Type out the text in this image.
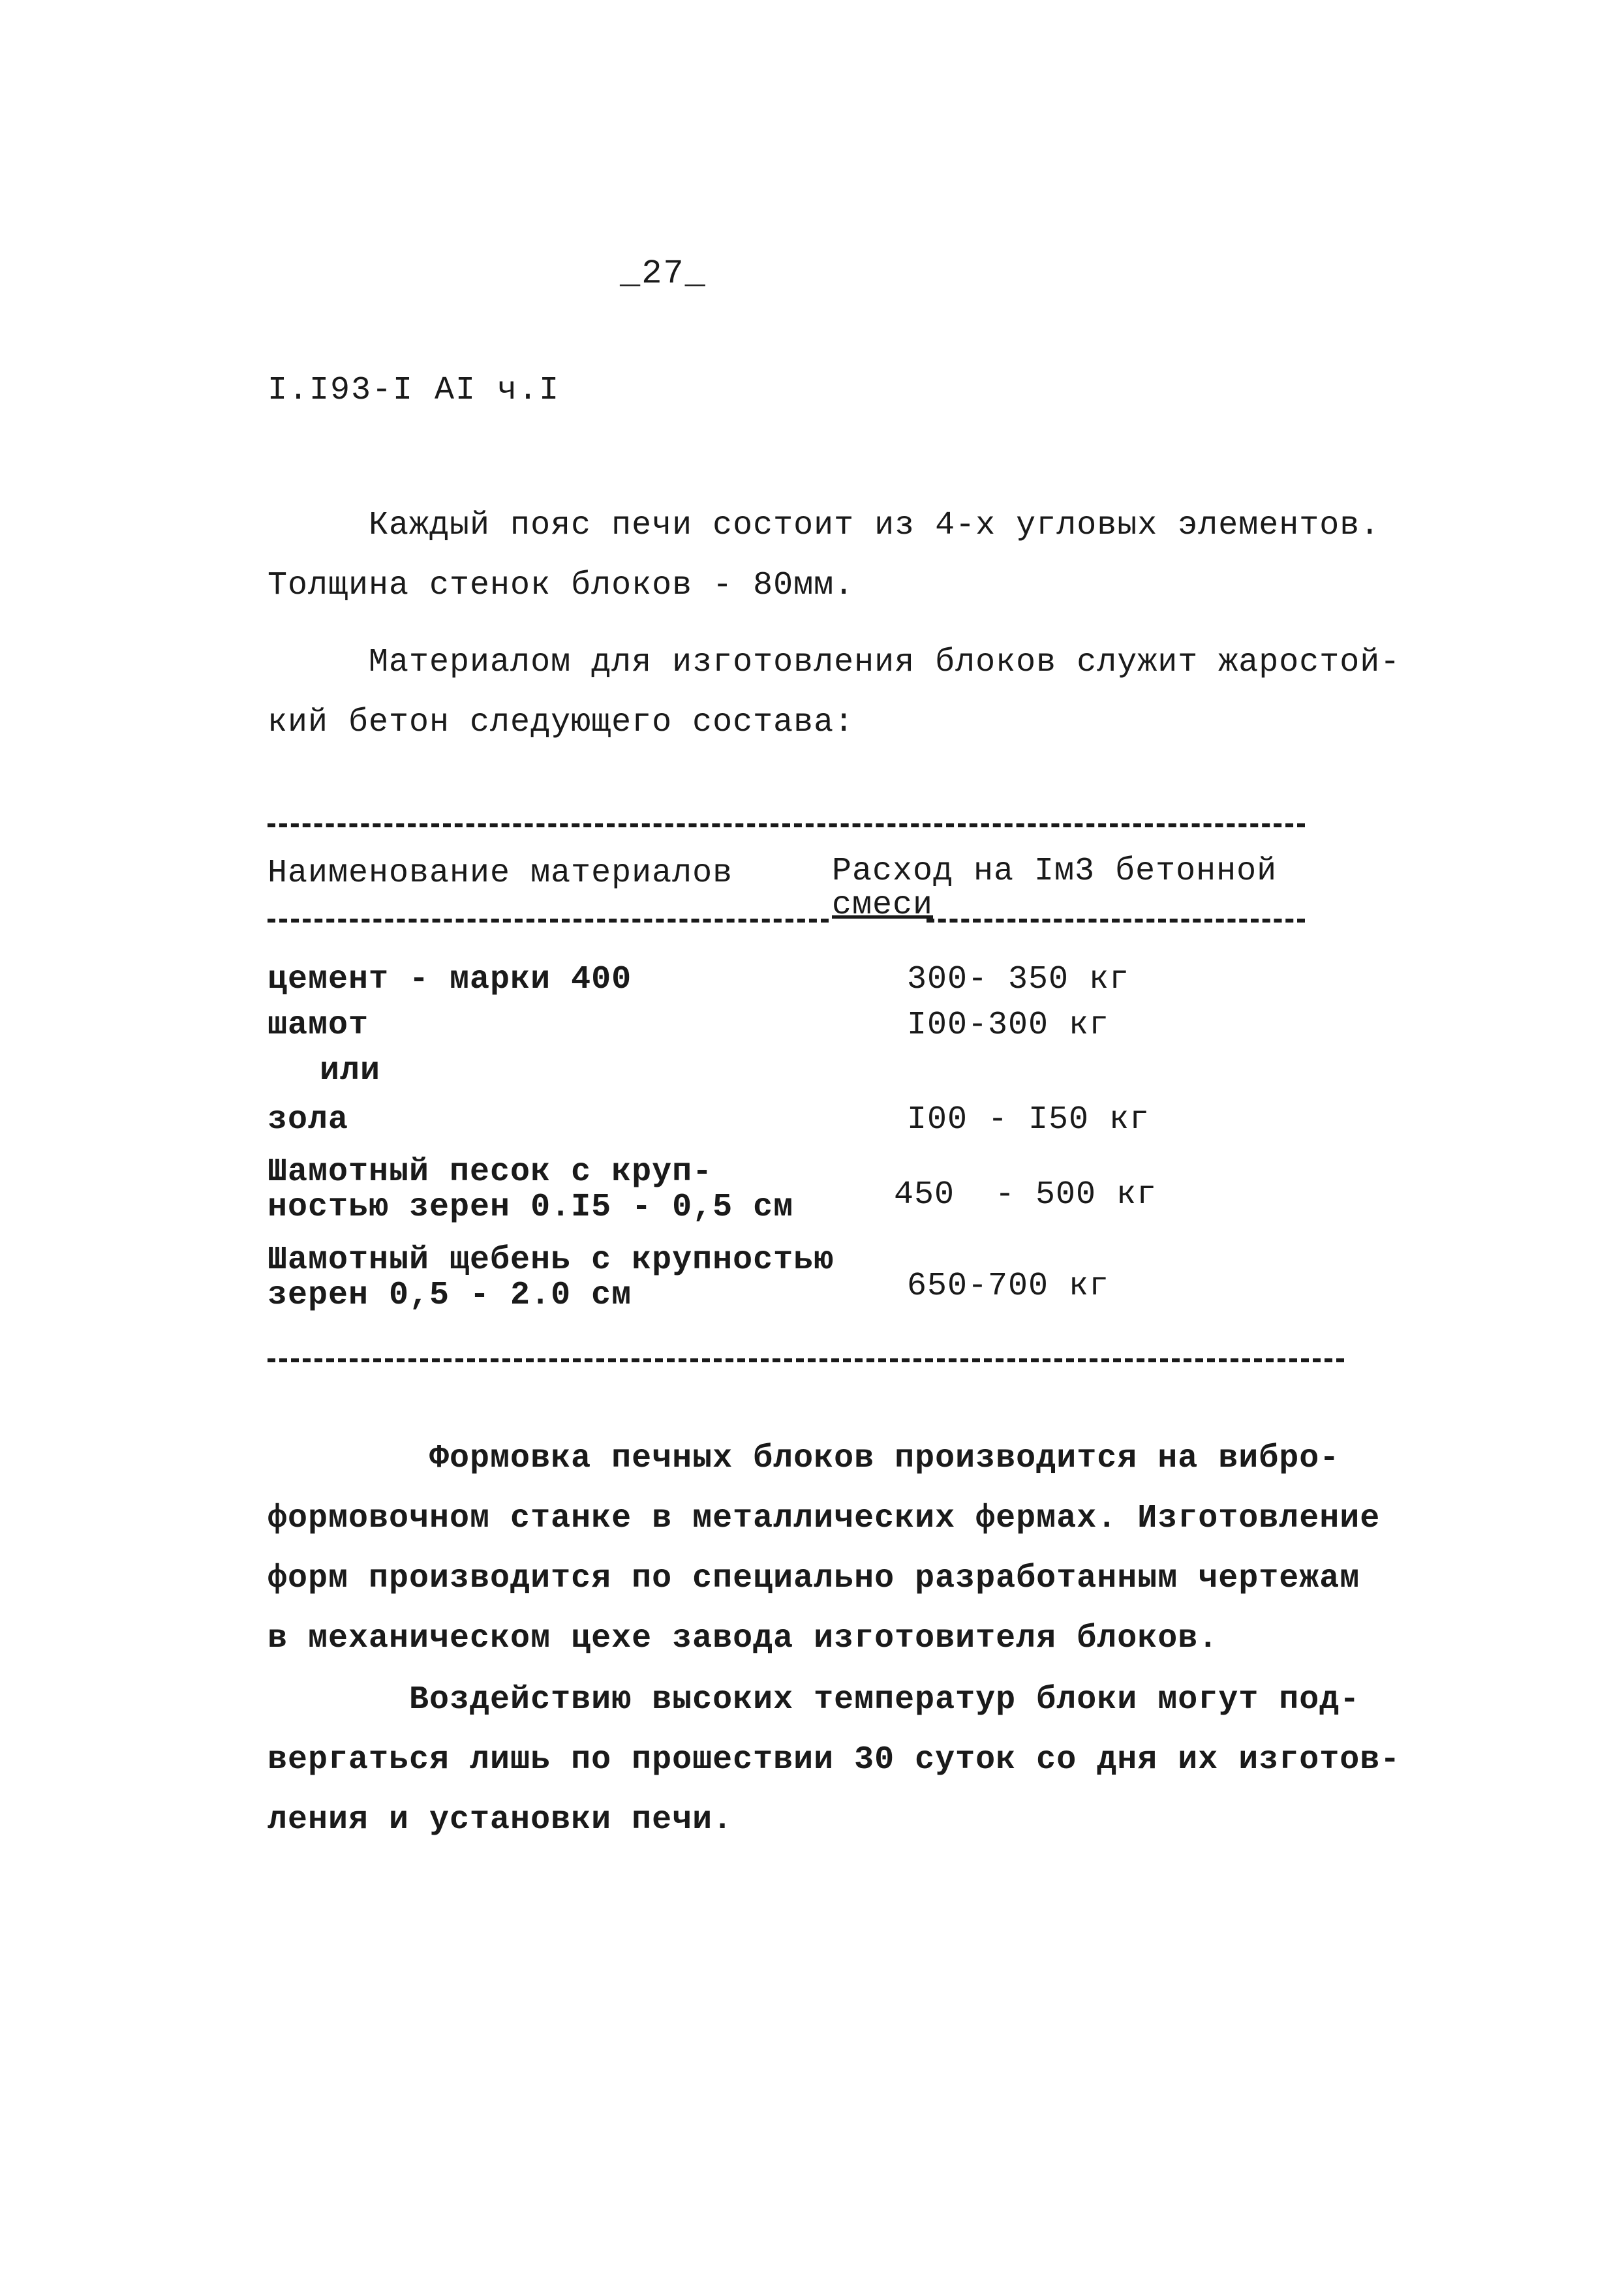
_27_
I.I93-I AI ч.I
Каждый пояс печи состоит из 4-х угловых элементов.
Толщина стенок блоков - 80мм.
Материалом для изготовления блоков служит жаростой-
кий бетон следующего состава:
Наименование материалов	Расход на Iм3 бетонной
смеси
цемент - марки 400	300- 350 кг
шамот	I00-300 кг
или
зола	I00 - I50 кг
Шамотный песок с круп-
ностью зерен 0.I5 - 0,5 см	450  - 500 кг
Шамотный щебень с крупностью
зерен 0,5 - 2.0 см	650-700 кг
Формовка печных блоков производится на вибро-
формовочном станке в металлических фермах. Изготовление
форм производится по специально разработанным чертежам
в механическом цехе завода изготовителя блоков.
Воздействию высоких температур блоки могут под-
вергаться лишь по прошествии 30 суток со дня их изготов-
ления и установки печи.
